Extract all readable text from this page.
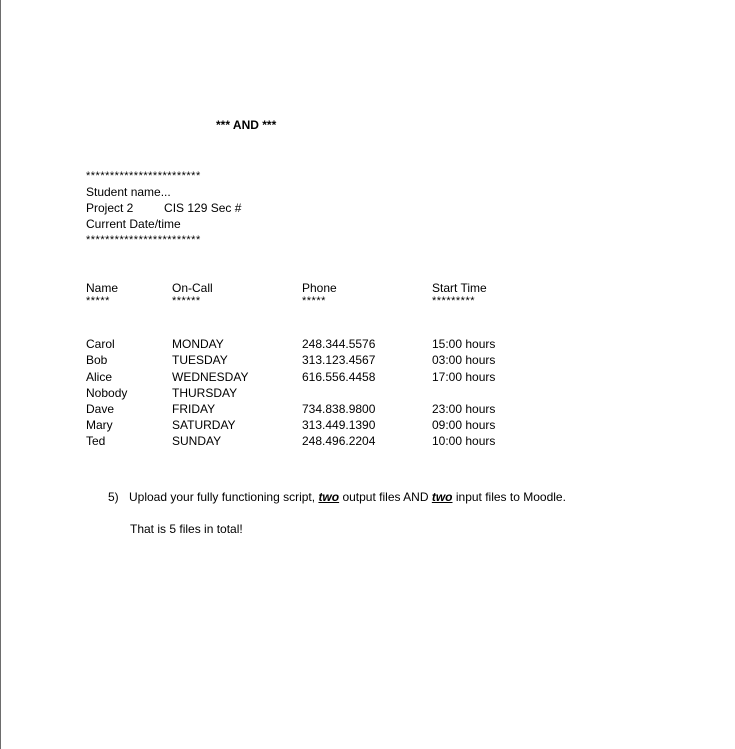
*** AND ***
************************
Student name...
Project 2	CIS 129 Sec #
Current Date/time
************************
Name
*****
Carol
Bob
Alice
Nobody
Dave
Mary
Ted
On-Call
******
MONDAY
TUESDAY
WEDNESDAY
THURSDAY
FRIDAY
SATURDAY
SUNDAY
Phone
*****
248.344.5576
313.123.4567
616.556.4458
734.838.9800
313.449.1390
248.496.2204
Start Time
*********
15:00 hours
03:00 hours
17:00 hours
23:00 hours
09:00 hours
10:00 hours
5) Upload your fully functioning script, two output files AND two input files to Moodle.
That is 5 files in total!
